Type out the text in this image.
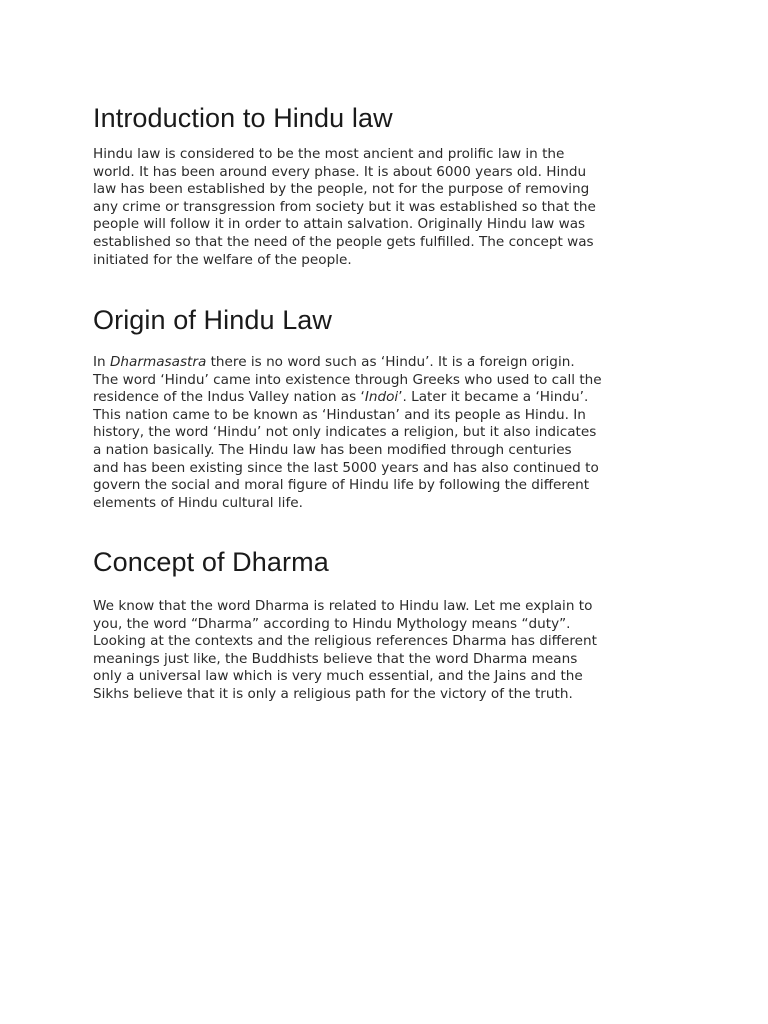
Introduction to Hindu law

Hindu law is considered to be the most ancient and prolific law in the
world. It has been around every phase. It is about 6000 years old. Hindu
law has been established by the people, not for the purpose of removing
any crime or transgression from society but it was established so that the
people will follow it in order to attain salvation. Originally Hindu law was
established so that the need of the people gets fulfilled. The concept was
initiated for the welfare of the people.

Origin of Hindu Law

In Dharmasastra there is no word such as ‘Hindu’. It is a foreign origin.
The word ‘Hindu’ came into existence through Greeks who used to call the
residence of the Indus Valley nation as ‘Indoi’. Later it became a ‘Hindu’.
This nation came to be known as ‘Hindustan’ and its people as Hindu. In
history, the word ‘Hindu’ not only indicates a religion, but it also indicates
a nation basically. The Hindu law has been modified through centuries
and has been existing since the last 5000 years and has also continued to
govern the social and moral figure of Hindu life by following the different
elements of Hindu cultural life.

Concept of Dharma

We know that the word Dharma is related to Hindu law. Let me explain to
you, the word “Dharma” according to Hindu Mythology means “duty”.
Looking at the contexts and the religious references Dharma has different
meanings just like, the Buddhists believe that the word Dharma means
only a universal law which is very much essential, and the Jains and the
Sikhs believe that it is only a religious path for the victory of the truth.
